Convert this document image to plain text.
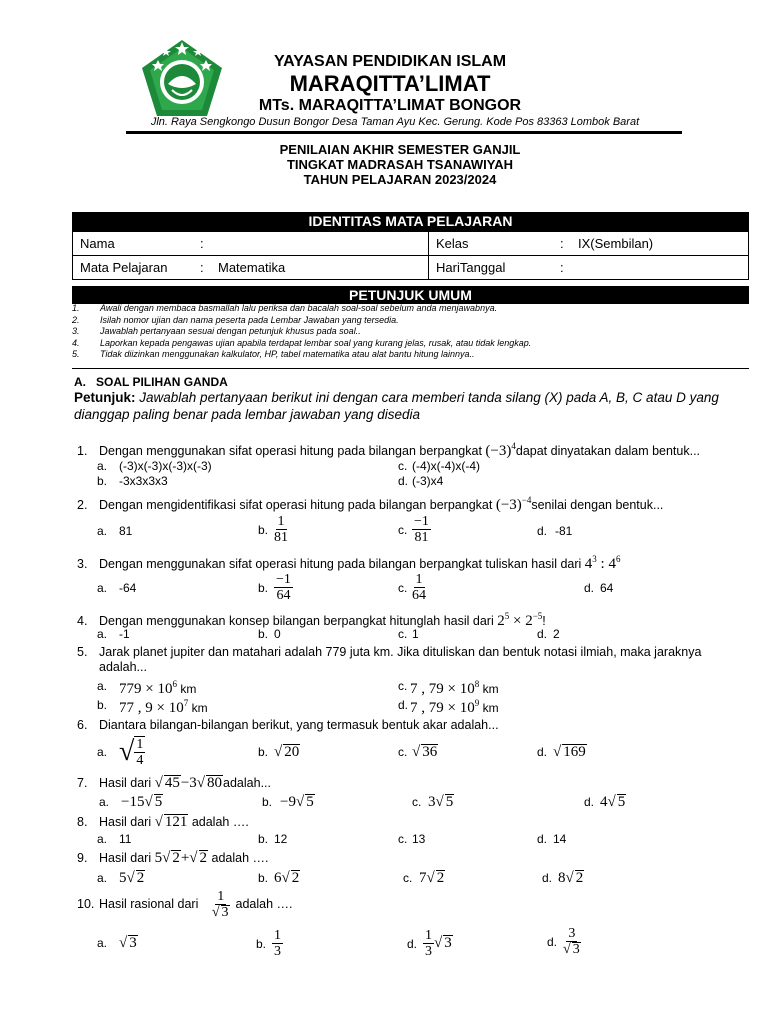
YAYASAN PENDIDIKAN ISLAM
MARAQITTA’LIMAT
MTs. MARAQITTA’LIMAT BONGOR
Jln. Raya Sengkongo Dusun Bongor Desa Taman Ayu Kec. Gerung. Kode Pos 83363 Lombok Barat
PENILAIAN AKHIR SEMESTER GANJIL
TINGKAT MADRASAH TSANAWIYAH
TAHUN PELAJARAN 2023/2024
IDENTITAS MATA PELAJARAN
Nama :	Kelas : IX(Sembilan)
Mata Pelajaran : Matematika	HariTanggal :
PETUNJUK UMUM
1. Awali dengan membaca basmallah lalu periksa dan bacalah soal-soal sebelum anda menjawabnya.
2. Isilah nomor ujian dan nama peserta pada Lembar Jawaban yang tersedia.
3. Jawablah pertanyaan sesuai dengan petunjuk khusus pada soal..
4. Laporkan kepada pengawas ujian apabila terdapat lembar soal yang kurang jelas, rusak, atau tidak lengkap.
5. Tidak diizinkan menggunakan kalkulator, HP, tabel matematika atau alat bantu hitung lainnya..
A.   SOAL PILIHAN GANDA
Petunjuk: Jawablah pertanyaan berikut ini dengan cara memberi tanda silang (X) pada A, B, C atau D yang
dianggap paling benar pada lembar jawaban yang disedia
1. Dengan menggunakan sifat operasi hitung pada bilangan berpangkat $(-3)^4dapat$ dinyatakan dalam bentuk...
a. (-3)x(-3)x(-3)x(-3)	c. (-4)x(-4)x(-4)
b. -3x3x3x3	d. (-3)x4
2. Dengan mengidentifikasi sifat operasi hitung pada bilangan berpangkat $(-3)^{-4}senilai$ dengan bentuk...
a. 81	b. $\frac{1}{81}$	c. $\frac{-1}{81}$	d. -81
3. Dengan menggunakan sifat operasi hitung pada bilangan berpangkat tuliskan hasil dari $4^3$ : $4^6$
a. -64	b. $\frac{-1}{64}$	c. $\frac{1}{64}$	d. 64
4. Dengan menggunakan konsep bilangan berpangkat hitunglah hasil dari $2^5 \times 2^{-5}$!
a. -1	b. 0	c. 1	d. 2
5. Jarak planet jupiter dan matahari adalah 779 juta km. Jika dituliskan dan bentuk notasi ilmiah, maka jaraknya
adalah...
a. $779 \times 10^6$ km	c. 7 , $79 \times 10^8$ km
b. 77 , $9 \times 10^7$ km	d. 7 , $79 \times 10^9$ km
6. Diantara bilangan-bilangan berikut, yang termasuk bentuk akar adalah...
a. √ $\frac{1}{4}$	b. √ 20	c. √ 36	d. √ 169
7. Hasil dari √ 45−3√ 80adalah...
a. −15√ 5	b. −9√ 5	c. 3√ 5	d. 4√ 5
8. Hasil dari √ 121 adalah ….
a. 11	b. 12	c. 13	d. 14
9. Hasil dari 5√ 2+√ 2 adalah ….
a. 5√ 2	b. 6√ 2	c. 7√ 2	d. 8√ 2
10. Hasil rasional dari $\frac{1}{√ 3}$ adalah ….
a. √ 3	b. $\frac{1}{3}$	d. $\frac{1}{3}$ √ 3	d. $\frac{3}{√ 3}$
